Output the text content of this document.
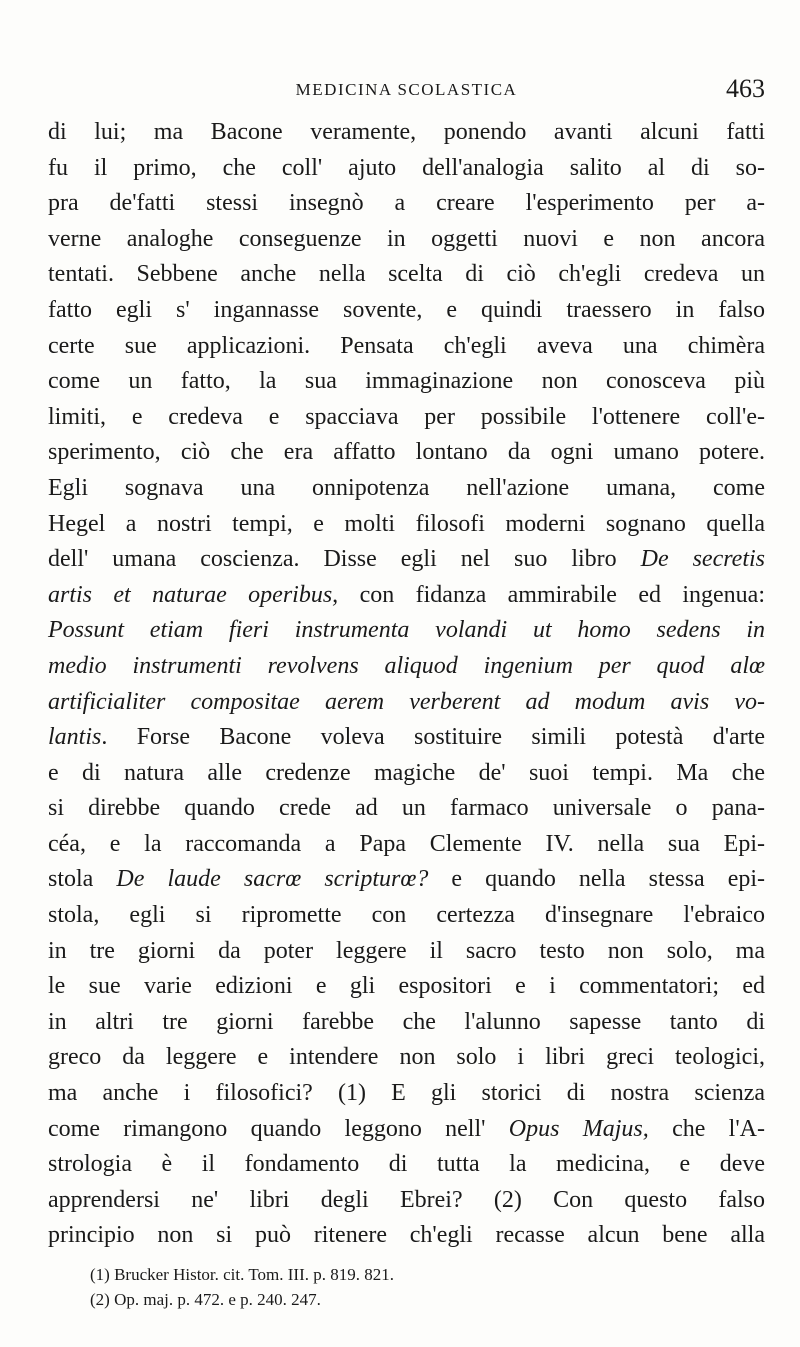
MEDICINA SCOLASTICA	463
di lui; ma Bacone veramente, ponendo avanti alcuni fatti
fu il primo, che coll' ajuto dell'analogia salito al di so-
pra de'fatti stessi insegnò a creare l'esperimento per a-
verne analoghe conseguenze in oggetti nuovi e non ancora
tentati. Sebbene anche nella scelta di ciò ch'egli credeva un
fatto egli s' ingannasse sovente, e quindi traessero in falso
certe sue applicazioni. Pensata ch'egli aveva una chimèra
come un fatto, la sua immaginazione non conosceva più
limiti, e credeva e spacciava per possibile l'ottenere coll'e-
sperimento, ciò che era affatto lontano da ogni umano potere.
Egli sognava una onnipotenza nell'azione umana, come
Hegel a nostri tempi, e molti filosofi moderni sognano quella
dell' umana coscienza. Disse egli nel suo libro De secretis
artis et naturae operibus, con fidanza ammirabile ed ingenua:
Possunt etiam fieri instrumenta volandi ut homo sedens in
medio instrumenti revolvens aliquod ingenium per quod alœ
artificialiter compositae aerem verberent ad modum avis vo-
lantis. Forse Bacone voleva sostituire simili potestà d'arte
e di natura alle credenze magiche de' suoi tempi. Ma che
si direbbe quando crede ad un farmaco universale o pana-
céa, e la raccomanda a Papa Clemente IV. nella sua Epi-
stola De laude sacrœ scripturœ? e quando nella stessa epi-
stola, egli si ripromette con certezza d'insegnare l'ebraico
in tre giorni da poter leggere il sacro testo non solo, ma
le sue varie edizioni e gli espositori e i commentatori; ed
in altri tre giorni farebbe che l'alunno sapesse tanto di
greco da leggere e intendere non solo i libri greci teologici,
ma anche i filosofici? (1) E gli storici di nostra scienza
come rimangono quando leggono nell' Opus Majus, che l'A-
strologia è il fondamento di tutta la medicina, e deve
apprendersi ne' libri degli Ebrei? (2) Con questo falso
principio non si può ritenere ch'egli recasse alcun bene alla
(1) Brucker Histor. cit. Tom. III. p. 819. 821.
(2) Op. maj. p. 472. e p. 240. 247.
